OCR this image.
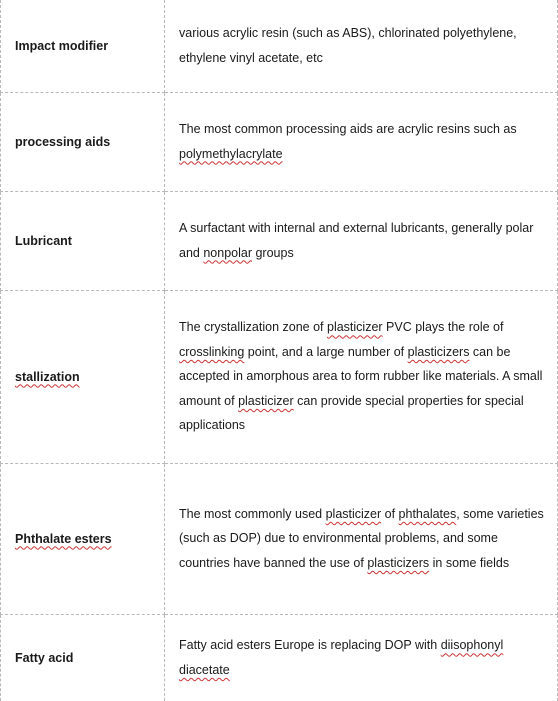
Impact modifier	various acrylic resin (such as ABS), chlorinated polyethylene, ethylene vinyl acetate, etc
processing aids	The most common processing aids are acrylic resins such as polymethylacrylate
Lubricant	A surfactant with internal and external lubricants, generally polar and nonpolar groups
stallization	The crystallization zone of plasticizer PVC plays the role of crosslinking point, and a large number of plasticizers can be accepted in amorphous area to form rubber like materials. A small amount of plasticizer can provide special properties for special applications
Phthalate esters	The most commonly used plasticizer of phthalates, some varieties (such as DOP) due to environmental problems, and some countries have banned the use of plasticizers in some fields
Fatty acid	Fatty acid esters Europe is replacing DOP with diisophonyl diacetate
